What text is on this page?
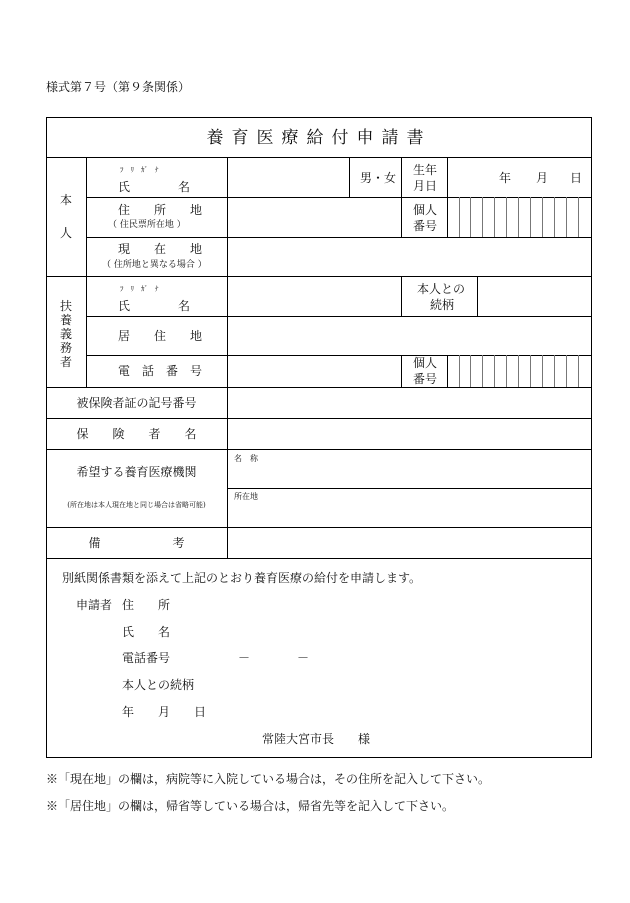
様式第７号（第９条関係）
養育医療給付申請書
本
人
ﾌ　ﾘ　ｶﾞ　ﾅ
氏　　　　名
男・女
生年
月日
年 月 日
住　　所　　地
（ 住民票所在地 ）
個人
番号
現　　在　　地
（ 住所地と異なる場合 ）
扶養義務者
ﾌ　ﾘ　ｶﾞ　ﾅ
氏　　　　名
本人との
続柄
居　　住　　地
電　話　番　号
個人
番号
被保険者証の記号番号
保　　険　　者　　名
希望する養育医療機関
(所在地は本人現在地と同じ場合は省略可能)
名　称
所在地
備　　　　　　考
別紙関係書類を添えて上記のとおり養育医療の給付を申請します。
申請者 住　　所
氏　　名
電話番号	－	－
本人との続柄
年 月 日
常陸大宮市長　　様
※「現在地」の欄は，病院等に入院している場合は，その住所を記入して下さい。
※「居住地」の欄は，帰省等している場合は，帰省先等を記入して下さい。
